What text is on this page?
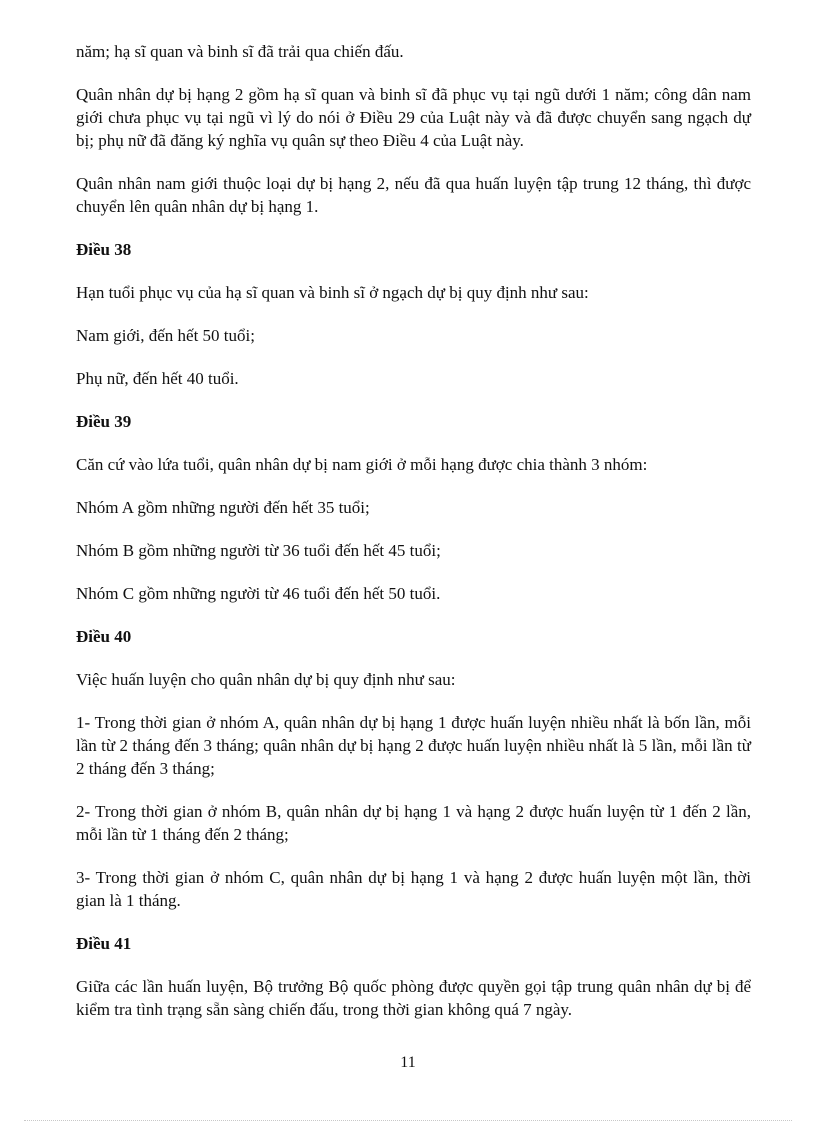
năm; hạ sĩ quan và binh sĩ đã trải qua chiến đấu.

Quân nhân dự bị hạng 2 gồm hạ sĩ quan và binh sĩ đã phục vụ tại ngũ dưới 1 năm; công dân nam giới chưa phục vụ tại ngũ vì lý do nói ở Điều 29 của Luật này và đã được chuyển sang ngạch dự bị; phụ nữ đã đăng ký nghĩa vụ quân sự theo Điều 4 của Luật này.

Quân nhân nam giới thuộc loại dự bị hạng 2, nếu đã qua huấn luyện tập trung 12 tháng, thì được chuyển lên quân nhân dự bị hạng 1.

Điều 38

Hạn tuổi phục vụ của hạ sĩ quan và binh sĩ ở ngạch dự bị quy định như sau:

Nam giới, đến hết 50 tuổi;

Phụ nữ, đến hết 40 tuổi.

Điều 39

Căn cứ vào lứa tuổi, quân nhân dự bị nam giới ở mỗi hạng được chia thành 3 nhóm:

Nhóm A gồm những người đến hết 35 tuổi;

Nhóm B gồm những người từ 36 tuổi đến hết 45 tuổi;

Nhóm C gồm những người từ 46 tuổi đến hết 50 tuổi.

Điều 40

Việc huấn luyện cho quân nhân dự bị quy định như sau:

1- Trong thời gian ở nhóm A, quân nhân dự bị hạng 1 được huấn luyện nhiều nhất là bốn lần, mỗi lần từ 2 tháng đến 3 tháng; quân nhân dự bị hạng 2 được huấn luyện nhiều nhất là 5 lần, mỗi lần từ 2 tháng đến 3 tháng;

2- Trong thời gian ở nhóm B, quân nhân dự bị hạng 1 và hạng 2 được huấn luyện từ 1 đến 2 lần, mỗi lần từ 1 tháng đến 2 tháng;

3- Trong thời gian ở nhóm C, quân nhân dự bị hạng 1 và hạng 2 được huấn luyện một lần, thời gian là 1 tháng.

Điều 41

Giữa các lần huấn luyện, Bộ trưởng Bộ quốc phòng được quyền gọi tập trung quân nhân dự bị để kiểm tra tình trạng sẵn sàng chiến đấu, trong thời gian không quá 7 ngày.

11
